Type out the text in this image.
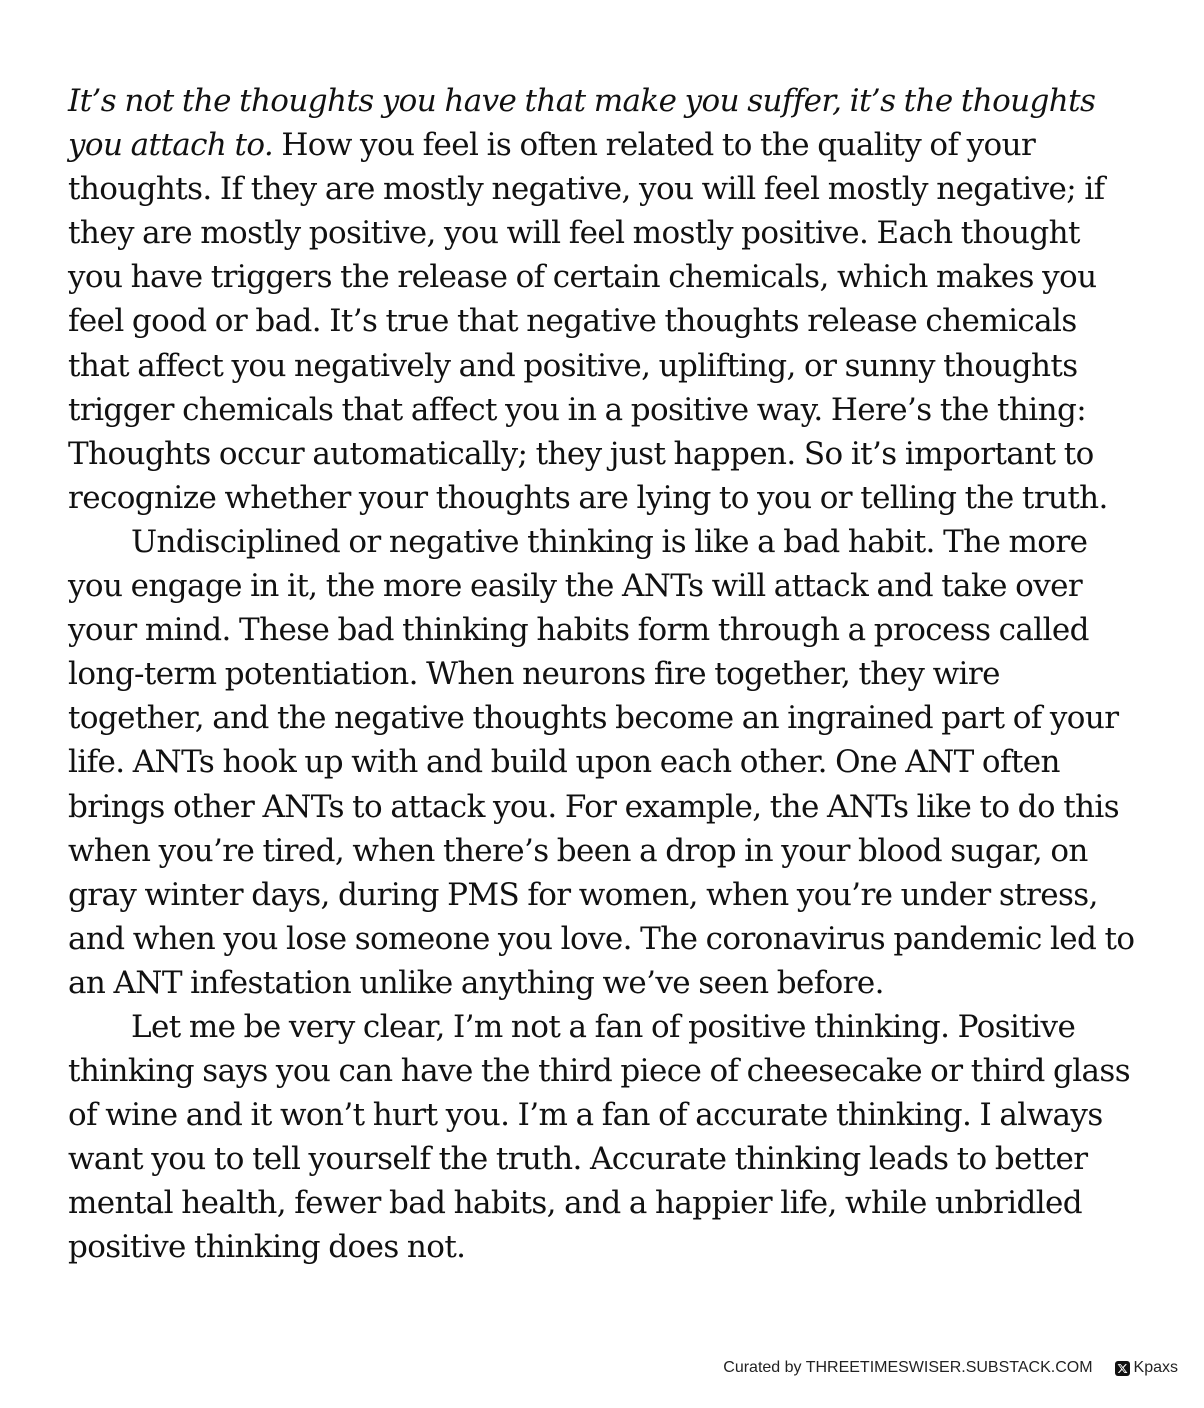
It’s not the thoughts you have that make you suffer, it’s the thoughts you attach to. How you feel is often related to the quality of your thoughts. If they are mostly negative, you will feel mostly negative; if they are mostly positive, you will feel mostly positive. Each thought you have triggers the release of certain chemicals, which makes you feel good or bad. It’s true that negative thoughts release chemicals that affect you negatively and positive, uplifting, or sunny thoughts trigger chemicals that affect you in a positive way. Here’s the thing: Thoughts occur automatically; they just happen. So it’s important to recognize whether your thoughts are lying to you or telling the truth.

Undisciplined or negative thinking is like a bad habit. The more you engage in it, the more easily the ANTs will attack and take over your mind. These bad thinking habits form through a process called long-term potentiation. When neurons fire together, they wire together, and the negative thoughts become an ingrained part of your life. ANTs hook up with and build upon each other. One ANT often brings other ANTs to attack you. For example, the ANTs like to do this when you’re tired, when there’s been a drop in your blood sugar, on gray winter days, during PMS for women, when you’re under stress, and when you lose someone you love. The coronavirus pandemic led to an ANT infestation unlike anything we’ve seen before.

Let me be very clear, I’m not a fan of positive thinking. Positive thinking says you can have the third piece of cheesecake or third glass of wine and it won’t hurt you. I’m a fan of accurate thinking. I always want you to tell yourself the truth. Accurate thinking leads to better mental health, fewer bad habits, and a happier life, while unbridled positive thinking does not.

Curated by THREETIMESWISER.SUBSTACK.COM	Kpaxs
